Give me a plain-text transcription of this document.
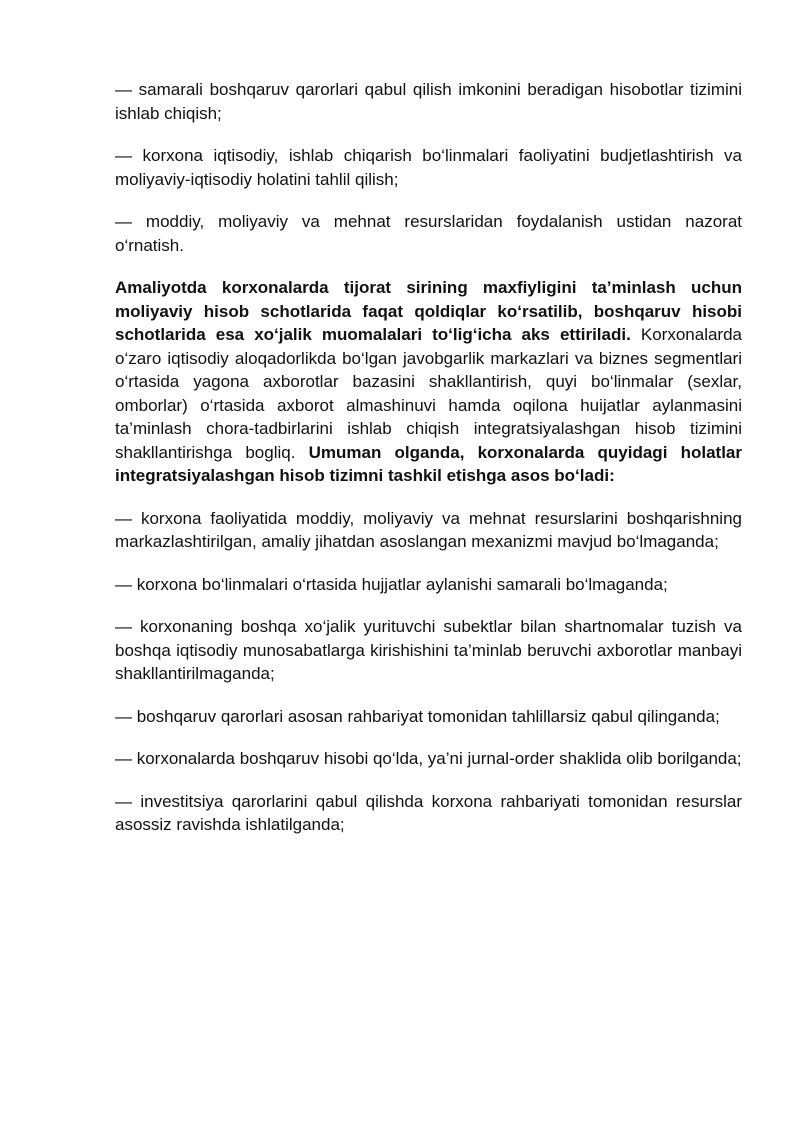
— samarali boshqaruv qarorlari qabul qilish imkonini beradigan hisobotlar tizimini ishlab chiqish;

— korxona iqtisodiy, ishlab chiqarish bo‘linmalari faoliyatini budjetlashtirish va moliyaviy-iqtisodiy holatini tahlil qilish;

— moddiy, moliyaviy va mehnat resurslaridan foydalanish ustidan nazorat o‘rnatish.

Amaliyotda korxonalarda tijorat sirining maxfiyligini ta’minlash uchun moliyaviy hisob schotlarida faqat qoldiqlar ko‘rsatilib, boshqaruv hisobi schotlarida esa xo‘jalik muomalalari to‘lig‘icha aks ettiriladi. Korxonalarda o‘zaro iqtisodiy aloqadorlikda bo‘lgan javobgarlik markazlari va biznes segmentlari o‘rtasida yagona axborotlar bazasini shakllantirish, quyi bo‘linmalar (sexlar, omborlar) o‘rtasida axborot almashinuvi hamda oqilona huijatlar aylanmasini ta’minlash chora-tadbirlarini ishlab chiqish integratsiyalashgan hisob tizimini shakllantirishga bogliq. Umuman olganda, korxonalarda quyidagi holatlar integratsiyalashgan hisob tizimni tashkil etishga asos bo‘ladi:

— korxona faoliyatida moddiy, moliyaviy va mehnat resurslarini boshqarishning markazlashtirilgan, amaliy jihatdan asoslangan mexanizmi mavjud bo‘lmaganda;

— korxona bo‘linmalari o‘rtasida hujjatlar aylanishi samarali bo‘lmaganda;

— korxonaning boshqa xo‘jalik yurituvchi subektlar bilan shartnomalar tuzish va boshqa iqtisodiy munosabatlarga kirishishini ta’minlab beruvchi axborotlar manbayi shakllantirilmaganda;

— boshqaruv qarorlari asosan rahbariyat tomonidan tahlillarsiz qabul qilinganda;

— korxonalarda boshqaruv hisobi qo‘lda, ya’ni jurnal-order shaklida olib borilganda;

— investitsiya qarorlarini qabul qilishda korxona rahbariyati tomonidan resurslar asossiz ravishda ishlatilganda;
